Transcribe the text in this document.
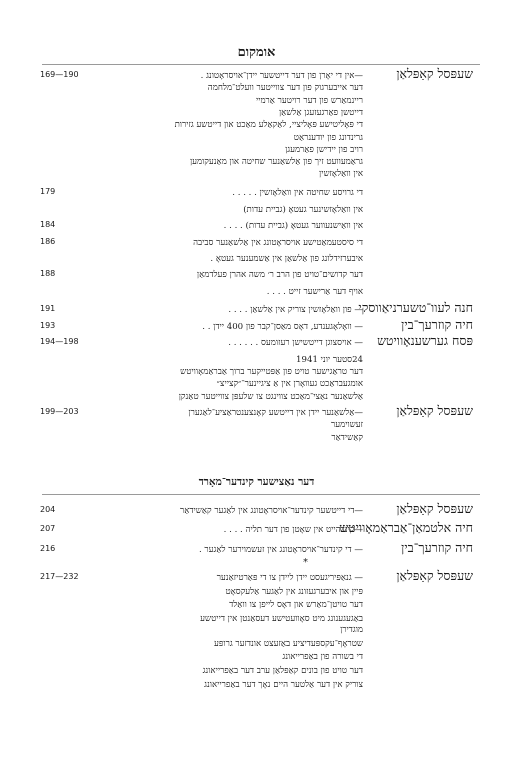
אומקום
שעפּסל קאַפּלאַן
169—190	—אין די יאָרן פון דער דייטשער יידן־אויסראָטונג .
דער אייבערגוק פון דער צווייטער וועלט־מלחמה
ריינמאַרש פון דער רויטער אַרמיי
דייטשן פאַרגעזעגן אַלשאַן
די פּאָליטישע פּאָליציי, לאַקאַלע מאַכט און דייטשע גזירות
גרינדונג פון יודענראַט
רויב פון יידישן פאַרמעגן
גראַמעוועט זיך פון אַלשאַנער שחיטה און מאַנעקומען
אין וואַלאָזשין
179	די גרויסע שחיטה אין וואַלאָזשין . . . . .
אין וואַלאָזשינער געטאָ (גביית עדות)
184	אין וואַישנעווער געטאָ (גביית עדות) . . . .
186	די סיסטעמאַטישע אויסראָטונג אין אַלשאַנער סביבה
איבערזידלונג פון אַלשאַן אין אַשמענער געטאָ .
188	דער קדושים־טויט פון הרב ר׳ משה אהרן פעלדמאַן
אויף דער אַרישער זייט . . . .
חנה לעוו־טשערניאַווסקי
191	— פון וואַלאָזשין צוריק אין אַלשאַן . . . .
חיה קוזרעך־בין
193	— וואָלאָגענדע, דאָס מאַסן־קבר פון 400 יידן . .
פּסח גערשענאָוויטש
194—198	— אויסצוגן דייטשישן רעזומעס . . . . . .
24סטער יוני 1941
דער טראַגישער טויט פון אַפּטייקער ברוך אַבראַמאָוויטש
אומגעבראַכט געוואָרן אין אַ ציגיינער־״קצייצ״
אַלשאַנער נאַצי־מאַכט צווינגט צו שלעפּן צווייטער טאַנקן
שעפּסל קאַפּלאַן
199—203	—אַלשאַנער יידן אין דייטשע קאָנצענטראַציע־לאַגערן
זעשוימער
קאַשידאַר
דער נאַצישער קינדער־מאָרד
שעפּסל קאַפּלאַן
204	—די דייטשער קינדער־אויסראָטונג אין לאַגער קאַשידאַר
חיה אלטמאַן־אַבראַמאָוויטש
207	—קינדהייט אין שאָטן פון דער תליה . . . .
חיה קוזרעך־בין
216	— די קינדער־אויסראָטונג אין זעשמוירער לאַגער .
*
שעפּסל קאַפּלאַן
217—232	— גנאַפּיריגעסט יידן ליידן צו די פּאַרטיזאַנער
פּיין און איבערגעזונג אין לאַגער אַלעקסאָט
דער טויטן־מאַרש און דאָס לייפן צו וואַלד
באַגעגענונג מיט סאָוועטישע דעסאַנטן אין דייטשע
מוגדירן
שטראָף־עקספּעדיציע באַזעצט אונדזער גרופּע
די בשורה פון באַפרייאונג
דער טויט פון בונים קאַפּלאַן ערב דער באַפרייאונג
צוריק אין דער אַלטער היים נאָך דער באַפרייאונג
